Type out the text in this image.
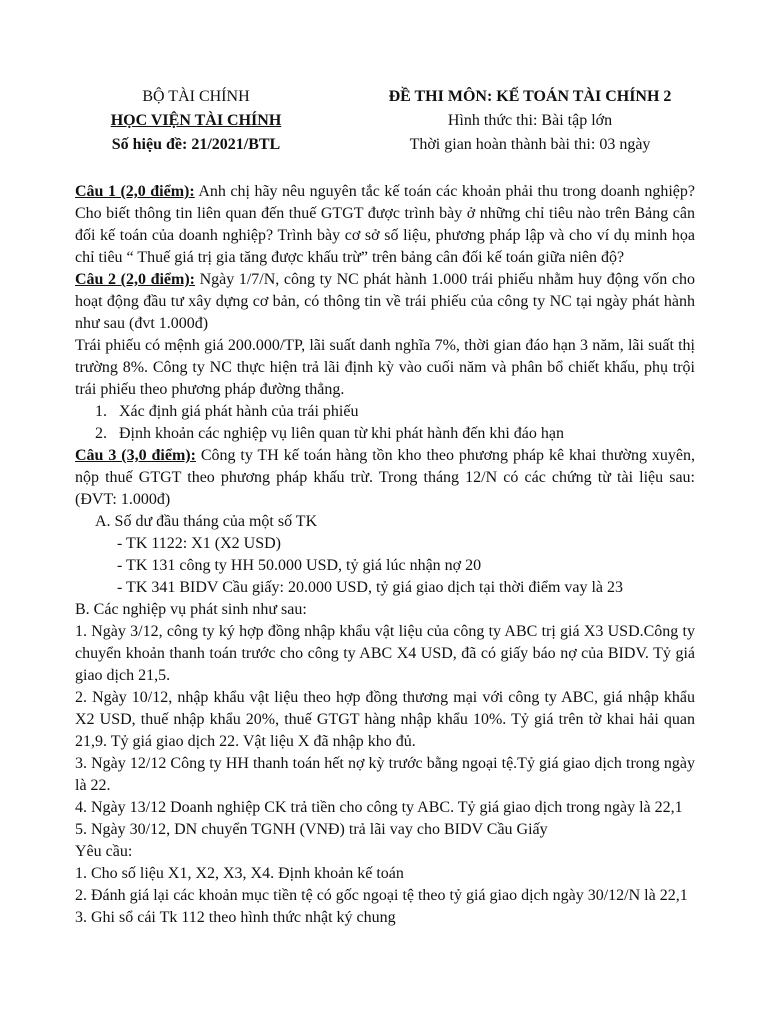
BỘ TÀI CHÍNH
HỌC VIỆN TÀI CHÍNH
Số hiệu đề: 21/2021/BTL
ĐỀ THI MÔN: KẾ TOÁN TÀI CHÍNH 2
Hình thức thi: Bài tập lớn
Thời gian hoàn thành bài thi: 03 ngày

Câu 1 (2,0 điểm): Anh chị hãy nêu nguyên tắc kế toán các khoản phải thu trong doanh nghiệp? Cho biết thông tin liên quan đến thuế GTGT được trình bày ở những chỉ tiêu nào trên Bảng cân đối kế toán của doanh nghiệp? Trình bày cơ sở số liệu, phương pháp lập và cho ví dụ minh họa chỉ tiêu “ Thuế giá trị gia tăng được khấu trừ” trên bảng cân đối kế toán giữa niên độ?

Câu 2 (2,0 điểm): Ngày 1/7/N, công ty NC phát hành 1.000 trái phiếu nhằm huy động vốn cho hoạt động đầu tư xây dựng cơ bản, có thông tin về trái phiếu của công ty NC tại ngày phát hành như sau (đvt 1.000đ)

Trái phiếu có mệnh giá 200.000/TP, lãi suất danh nghĩa 7%, thời gian đáo hạn 3 năm, lãi suất thị trường 8%. Công ty NC thực hiện trả lãi định kỳ vào cuối năm và phân bổ chiết khấu, phụ trội trái phiếu theo phương pháp đường thẳng.

1. Xác định giá phát hành của trái phiếu
2. Định khoản các nghiệp vụ liên quan từ khi phát hành đến khi đáo hạn

Câu 3 (3,0 điểm): Công ty TH kế toán hàng tồn kho theo phương pháp kê khai thường xuyên, nộp thuế GTGT theo phương pháp khấu trừ. Trong tháng 12/N có các chứng từ tài liệu sau: (ĐVT: 1.000đ)

A. Số dư đầu tháng của một số TK

- TK 1122: X1 (X2 USD)

- TK 131 công ty HH 50.000 USD, tỷ giá lúc nhận nợ 20

- TK 341 BIDV Cầu giấy: 20.000 USD, tỷ giá giao dịch tại thời điểm vay là 23

B. Các nghiệp vụ phát sinh như sau:

1. Ngày 3/12, công ty ký hợp đồng nhập khẩu vật liệu của công ty ABC trị giá X3 USD.Công ty chuyển khoản thanh toán trước cho công ty ABC X4 USD, đã có giấy báo nợ của BIDV. Tỷ giá giao dịch 21,5.

2. Ngày 10/12, nhập khẩu vật liệu theo hợp đồng thương mại với công ty ABC, giá nhập khẩu X2 USD, thuế nhập khẩu 20%, thuế GTGT hàng nhập khẩu 10%. Tỷ giá trên tờ khai hải quan 21,9. Tỷ giá giao dịch 22. Vật liệu X đã nhập kho đủ.

3. Ngày 12/12 Công ty HH thanh toán hết nợ kỳ trước bằng ngoại tệ.Tỷ giá giao dịch trong ngày là 22.

4. Ngày 13/12 Doanh nghiệp CK trả tiền cho công ty ABC. Tỷ giá giao dịch trong ngày là 22,1

5. Ngày 30/12, DN chuyển TGNH (VNĐ) trả lãi vay cho BIDV Cầu Giấy

Yêu cầu:

1. Cho số liệu X1, X2, X3, X4. Định khoản kế toán

2. Đánh giá lại các khoản mục tiền tệ có gốc ngoại tệ theo tỷ giá giao dịch ngày 30/12/N là 22,1

3. Ghi sổ cái Tk 112 theo hình thức nhật ký chung
